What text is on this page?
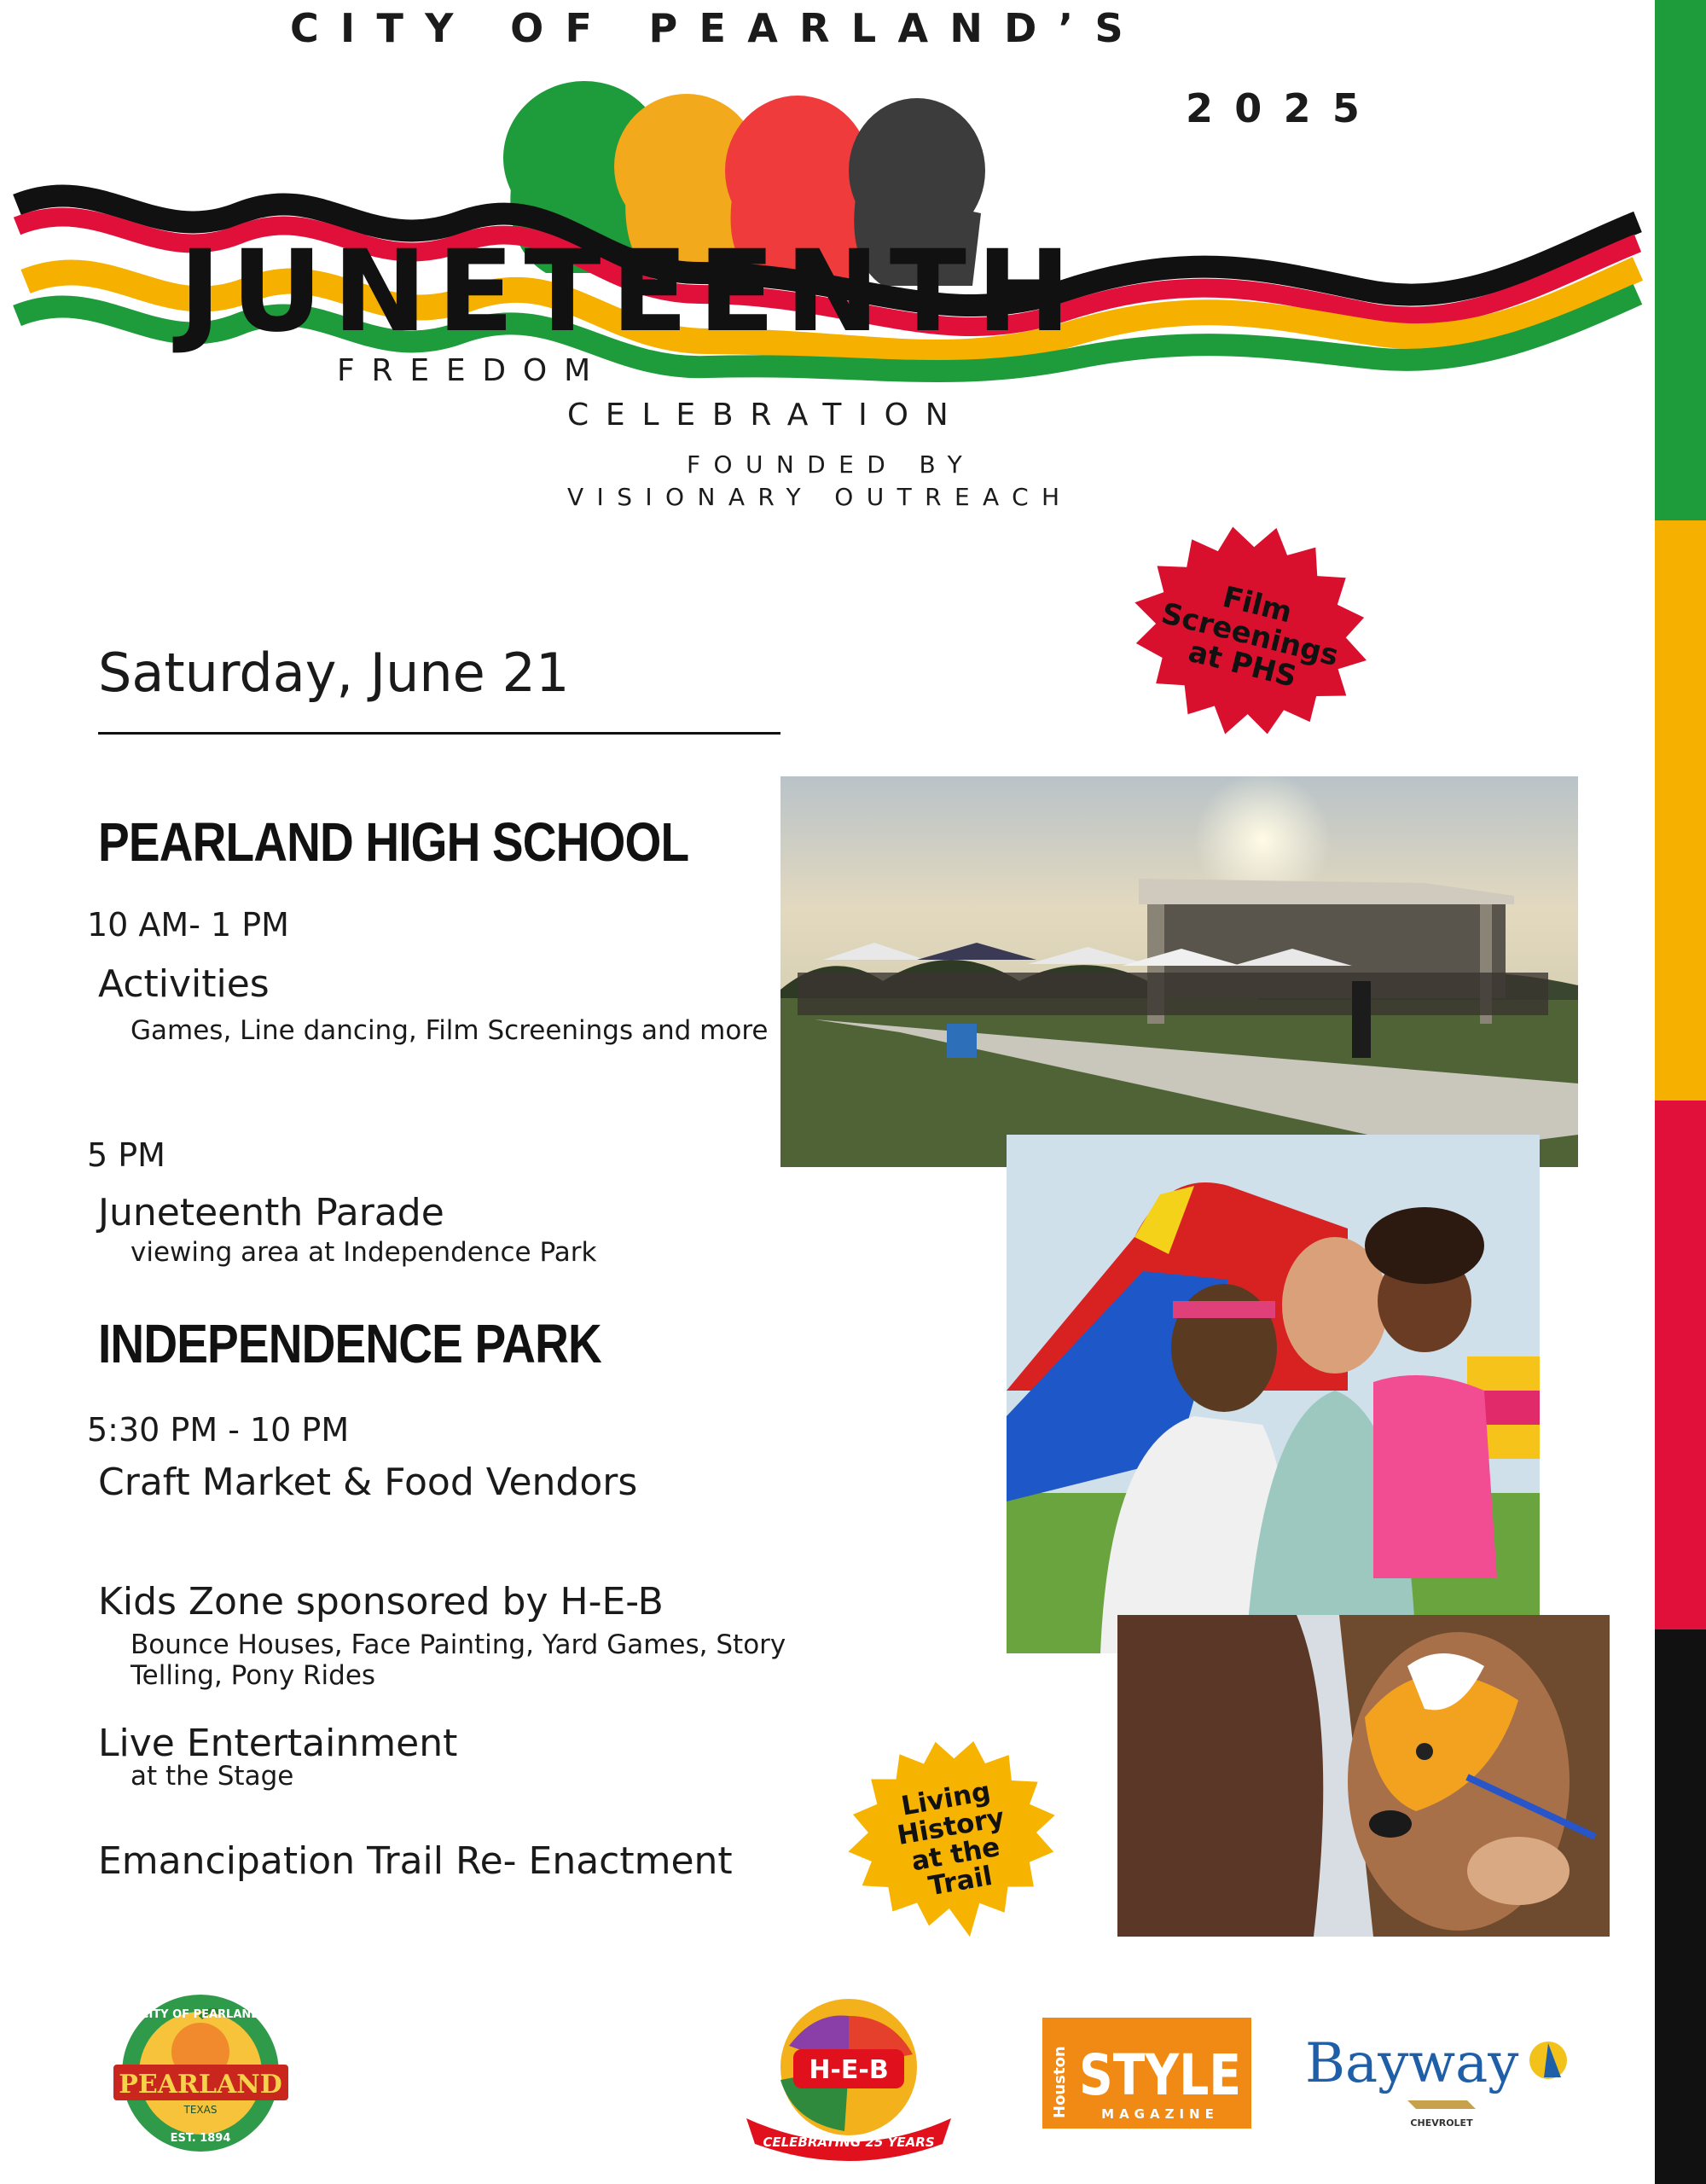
CITY OF PEARLAND’S
2025
JUNETEENTH
FREEDOM
CELEBRATION
FOUNDED BY
VISIONARY OUTREACH
Saturday, June 21
Film Screenings at PHS
PEARLAND HIGH SCHOOL
10 AM- 1 PM
Activities
Games, Line dancing, Film Screenings and more
5 PM
Juneteenth Parade
viewing area at Independence Park
INDEPENDENCE PARK
5:30 PM - 10 PM
Craft Market & Food Vendors
Kids Zone sponsored by H-E-B
Bounce Houses, Face Painting, Yard Games, Story Telling, Pony Rides
Live Entertainment
at the Stage
Emancipation Trail Re- Enactment
Living History at the Trail
PEARLAND
TEXAS
CITY OF PEARLAND
EST. 1894
H-E-B
CELEBRATING 25 YEARS
Houston STYLE
MAGAZINE
Bayway
CHEVROLET
